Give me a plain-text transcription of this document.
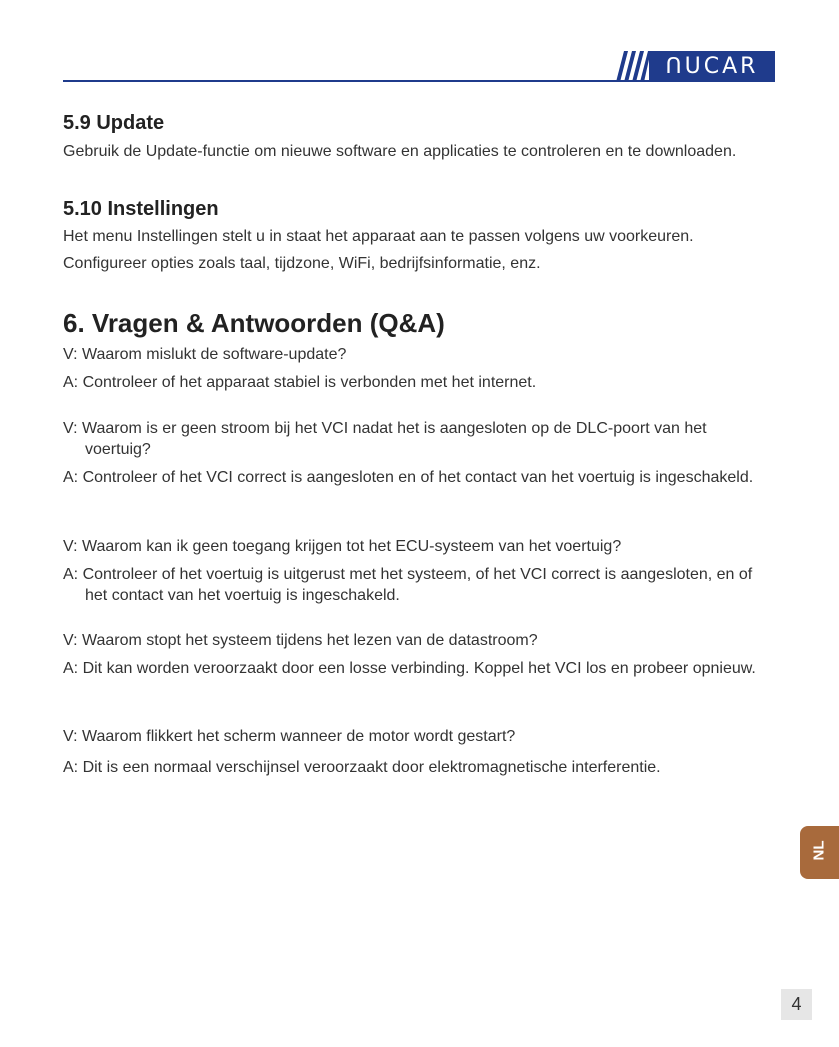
ᑎUCAR
5.9 Update

Gebruik de Update-functie om nieuwe software en applicaties te controleren en te downloaden.

5.10 Instellingen

Het menu Instellingen stelt u in staat het apparaat aan te passen volgens uw voorkeuren.

Configureer opties zoals taal, tijdzone, WiFi, bedrijfsinformatie, enz.

6. Vragen & Antwoorden (Q&A)

V: Waarom mislukt de software-update?

A: Controleer of het apparaat stabiel is verbonden met het internet.

V: Waarom is er geen stroom bij het VCI nadat het is aangesloten op de DLC-poort van het voertuig?

A: Controleer of het VCI correct is aangesloten en of het contact van het voertuig is ingeschakeld.

V: Waarom kan ik geen toegang krijgen tot het ECU-systeem van het voertuig?

A: Controleer of het voertuig is uitgerust met het systeem, of het VCI correct is aangesloten, en of het contact van het voertuig is ingeschakeld.

V: Waarom stopt het systeem tijdens het lezen van de datastroom?

A: Dit kan worden veroorzaakt door een losse verbinding. Koppel het VCI los en probeer opnieuw.

V: Waarom flikkert het scherm wanneer de motor wordt gestart?

A: Dit is een normaal verschijnsel veroorzaakt door elektromagnetische interferentie.

NL
4
